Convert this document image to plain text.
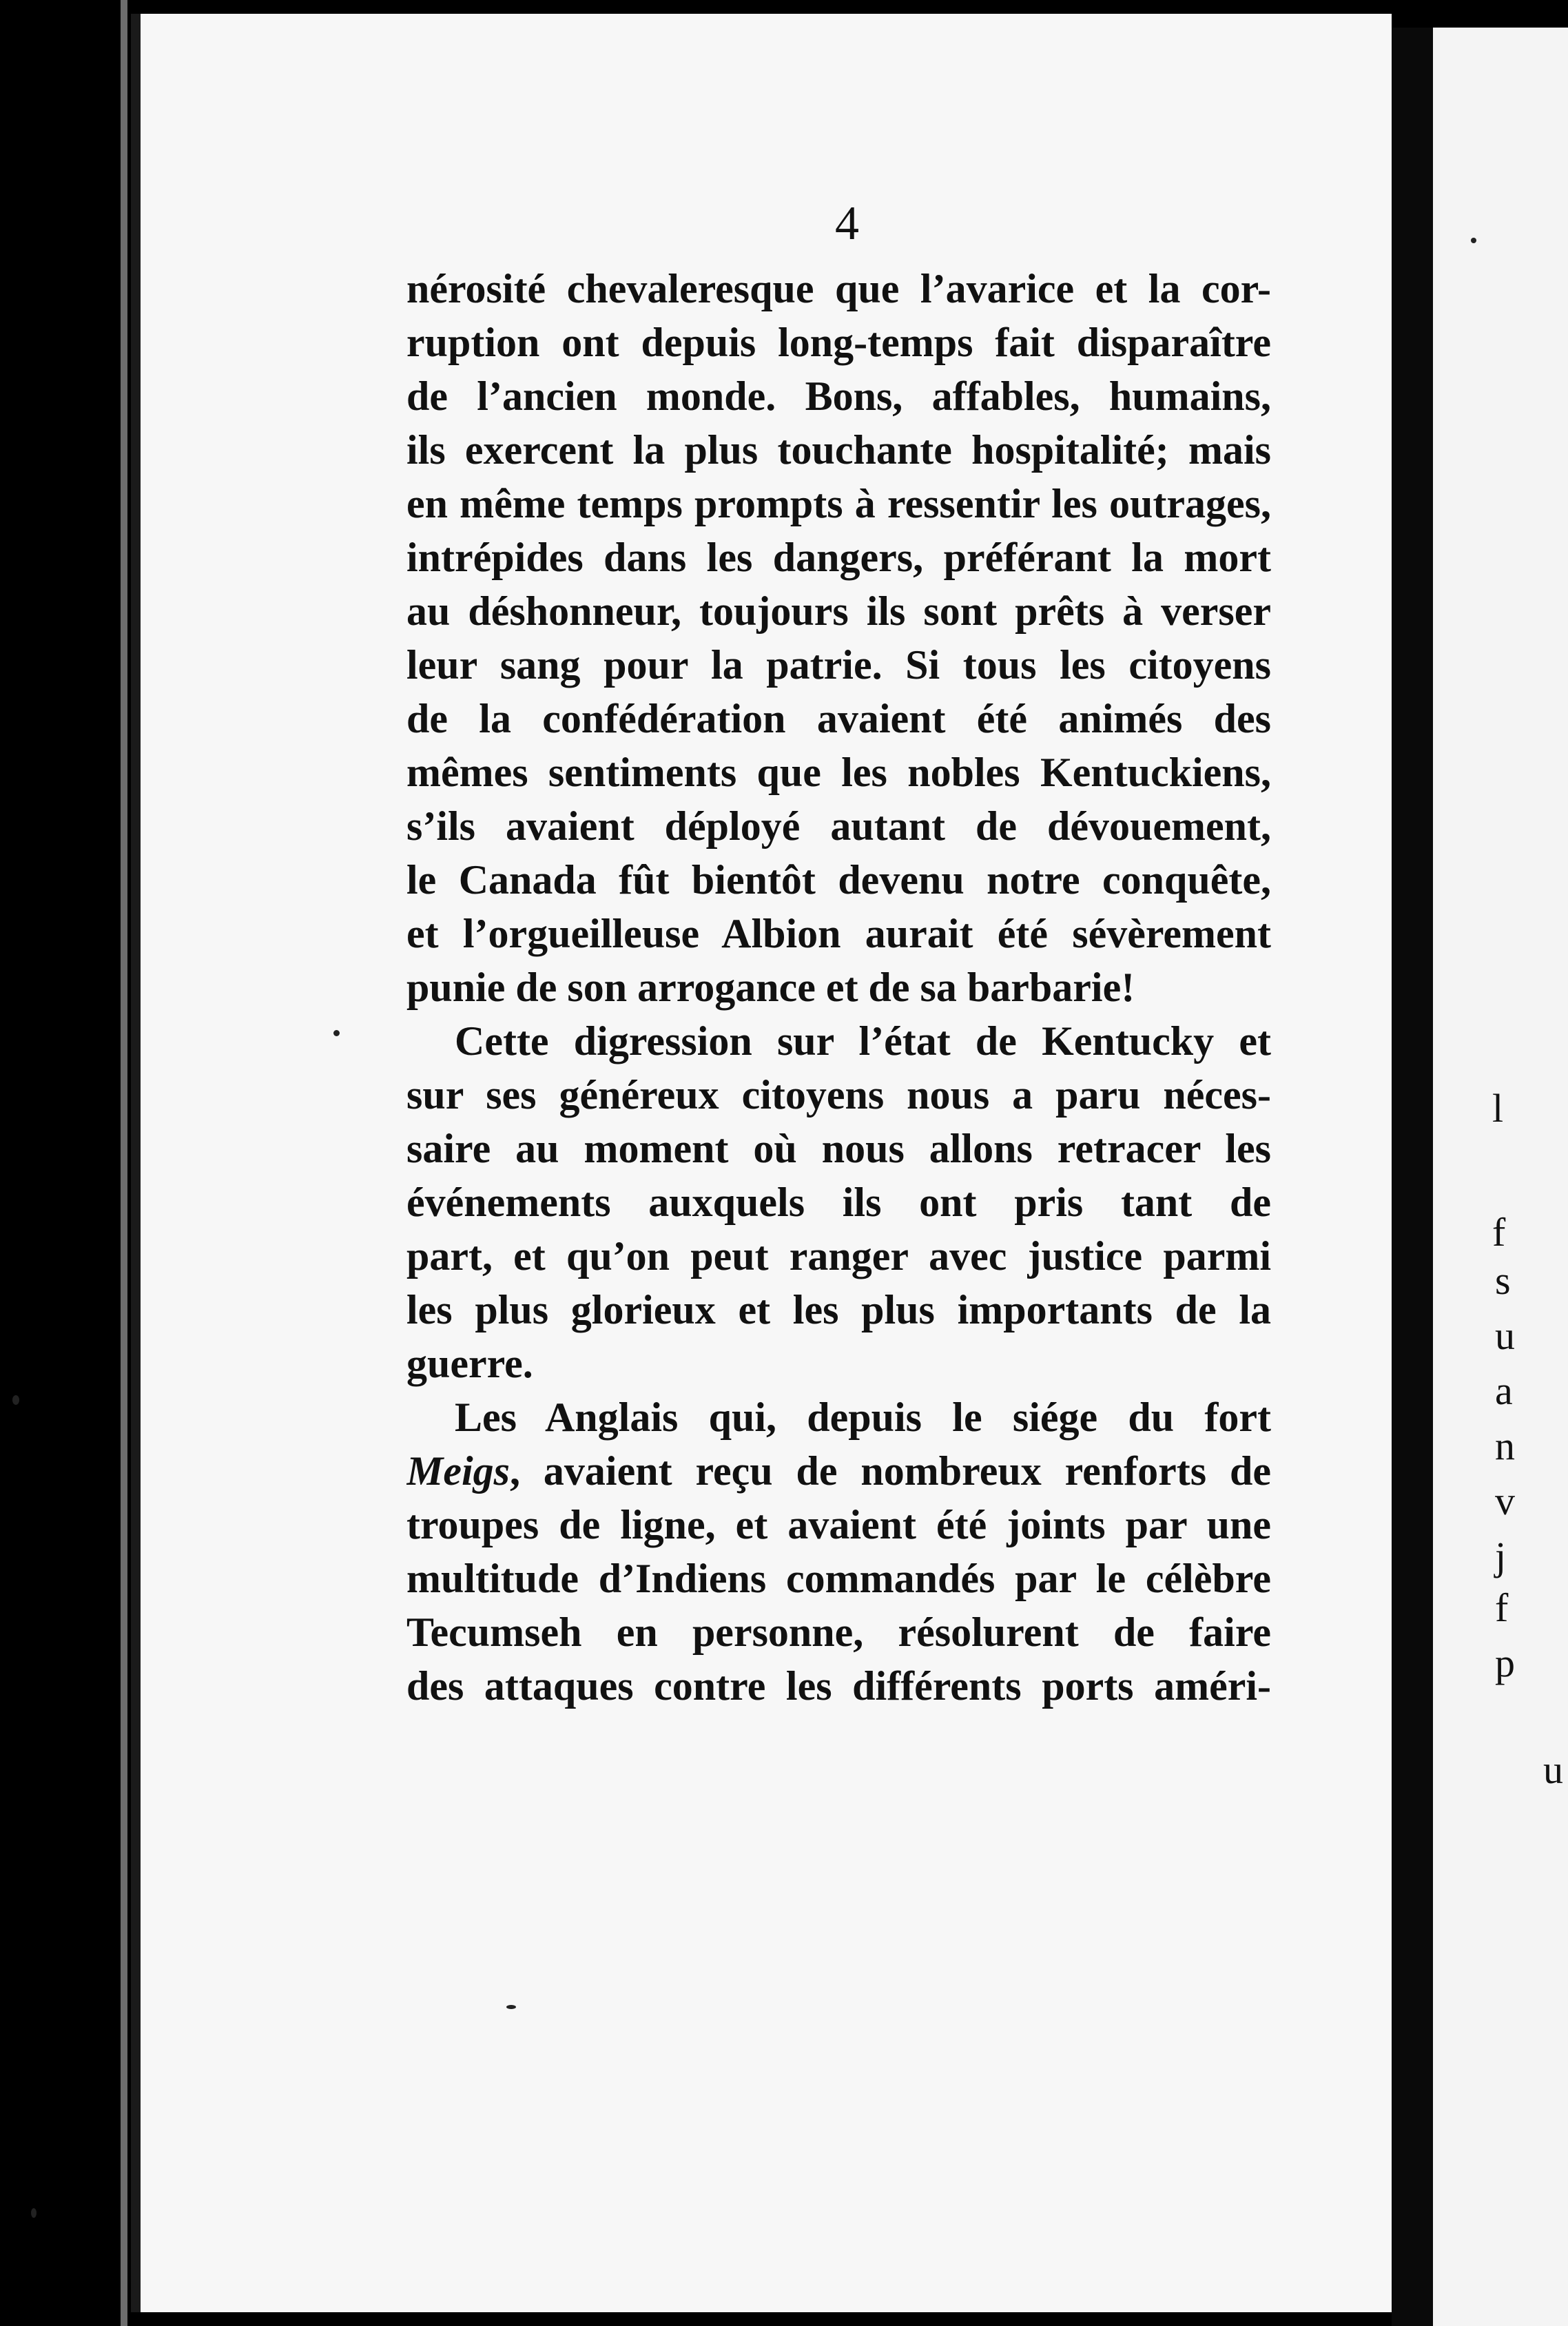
l
f
s
u
a
n
v
j
f
p
u
4
nérosité chevaleresque que l’avarice et la cor-
ruption ont depuis long-temps fait disparaître
de l’ancien monde. Bons, affables, humains,
ils exercent la plus touchante hospitalité; mais
en même temps prompts à ressentir les outrages,
intrépides dans les dangers, préférant la mort
au déshonneur, toujours ils sont prêts à verser
leur sang pour la patrie. Si tous les citoyens
de la confédération avaient été animés des
mêmes sentiments que les nobles Kentuckiens,
s’ils avaient déployé autant de dévouement,
le Canada fût bientôt devenu notre conquête,
et l’orgueilleuse Albion aurait été sévèrement
punie de son arrogance et de sa barbarie!
Cette digression sur l’état de Kentucky et
sur ses généreux citoyens nous a paru néces-
saire au moment où nous allons retracer les
événements auxquels ils ont pris tant de
part, et qu’on peut ranger avec justice parmi
les plus glorieux et les plus importants de la
guerre.
Les Anglais qui, depuis le siége du fort
Meigs, avaient reçu de nombreux renforts de
troupes de ligne, et avaient été joints par une
multitude d’Indiens commandés par le célèbre
Tecumseh en personne, résolurent de faire
des attaques contre les différents ports améri-
